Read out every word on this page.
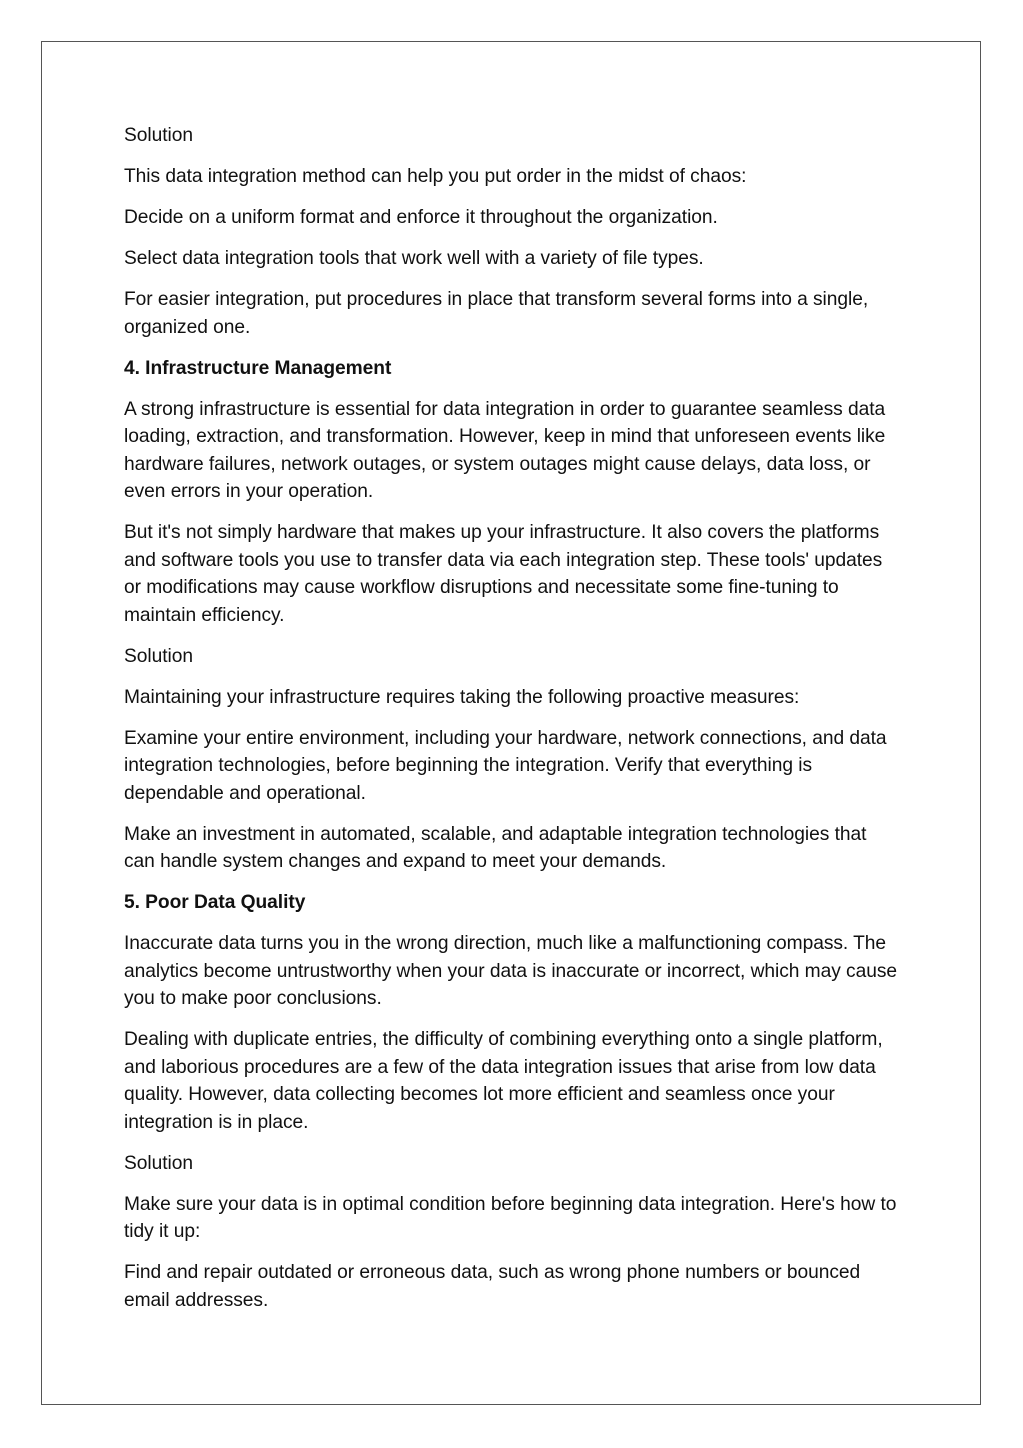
Solution

This data integration method can help you put order in the midst of chaos:

Decide on a uniform format and enforce it throughout the organization.

Select data integration tools that work well with a variety of file types.

For easier integration, put procedures in place that transform several forms into a single, organized one.

4. Infrastructure Management

A strong infrastructure is essential for data integration in order to guarantee seamless data loading, extraction, and transformation. However, keep in mind that unforeseen events like hardware failures, network outages, or system outages might cause delays, data loss, or even errors in your operation.

But it's not simply hardware that makes up your infrastructure. It also covers the platforms and software tools you use to transfer data via each integration step. These tools' updates or modifications may cause workflow disruptions and necessitate some fine-tuning to maintain efficiency.

Solution

Maintaining your infrastructure requires taking the following proactive measures:

Examine your entire environment, including your hardware, network connections, and data integration technologies, before beginning the integration. Verify that everything is dependable and operational.

Make an investment in automated, scalable, and adaptable integration technologies that can handle system changes and expand to meet your demands.

5. Poor Data Quality

Inaccurate data turns you in the wrong direction, much like a malfunctioning compass. The analytics become untrustworthy when your data is inaccurate or incorrect, which may cause you to make poor conclusions.

Dealing with duplicate entries, the difficulty of combining everything onto a single platform, and laborious procedures are a few of the data integration issues that arise from low data quality. However, data collecting becomes lot more efficient and seamless once your integration is in place.

Solution

Make sure your data is in optimal condition before beginning data integration. Here's how to tidy it up:

Find and repair outdated or erroneous data, such as wrong phone numbers or bounced email addresses.
